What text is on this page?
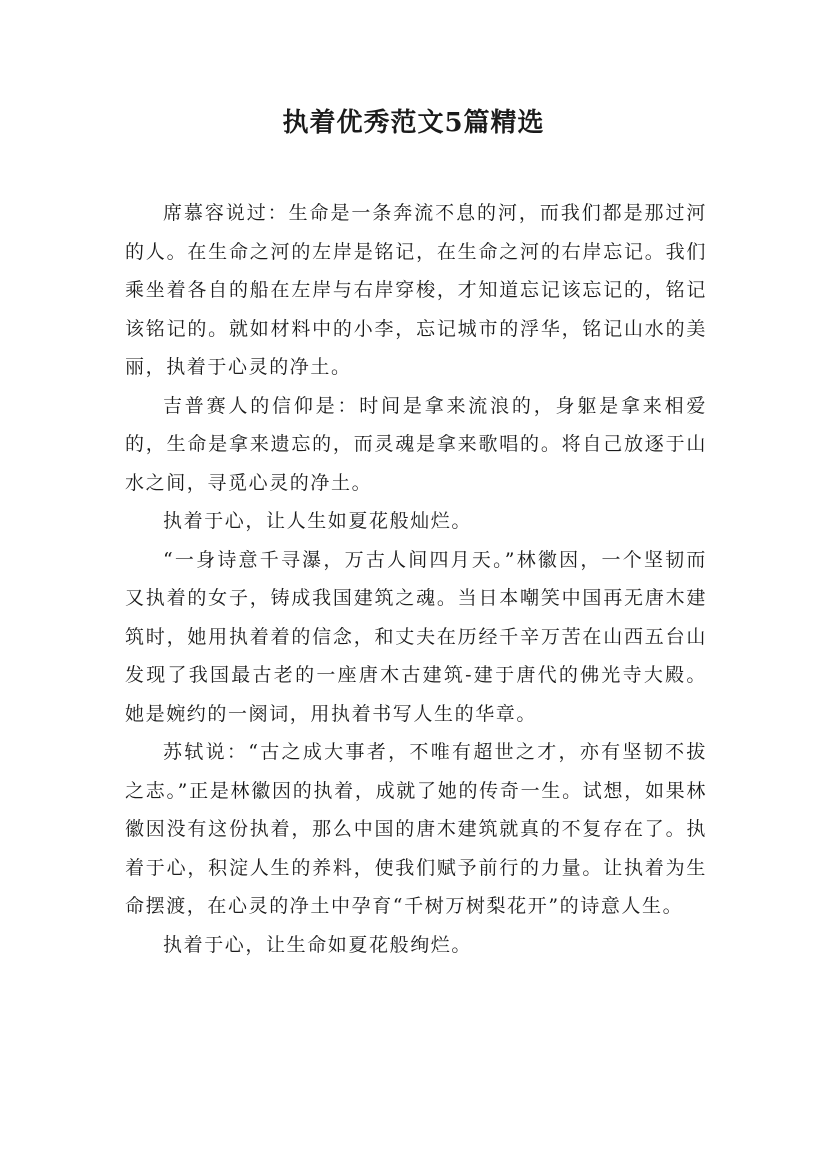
执着优秀范文5篇精选

席慕容说过：生命是一条奔流不息的河，而我们都是那过河的人。在生命之河的左岸是铭记，在生命之河的右岸忘记。我们乘坐着各自的船在左岸与右岸穿梭，才知道忘记该忘记的，铭记该铭记的。就如材料中的小李，忘记城市的浮华，铭记山水的美丽，执着于心灵的净土。

吉普赛人的信仰是：时间是拿来流浪的，身躯是拿来相爱的，生命是拿来遗忘的，而灵魂是拿来歌唱的。将自己放逐于山水之间，寻觅心灵的净土。

执着于心，让人生如夏花般灿烂。

“一身诗意千寻瀑，万古人间四月天。”林徽因，一个坚韧而又执着的女子，铸成我国建筑之魂。当日本嘲笑中国再无唐木建筑时，她用执着着的信念，和丈夫在历经千辛万苦在山西五台山发现了我国最古老的一座唐木古建筑-建于唐代的佛光寺大殿。她是婉约的一阕词，用执着书写人生的华章。

苏轼说：“古之成大事者，不唯有超世之才，亦有坚韧不拔之志。”正是林徽因的执着，成就了她的传奇一生。试想，如果林徽因没有这份执着，那么中国的唐木建筑就真的不复存在了。执着于心，积淀人生的养料，使我们赋予前行的力量。让执着为生命摆渡，在心灵的净土中孕育“千树万树梨花开”的诗意人生。

执着于心，让生命如夏花般绚烂。
